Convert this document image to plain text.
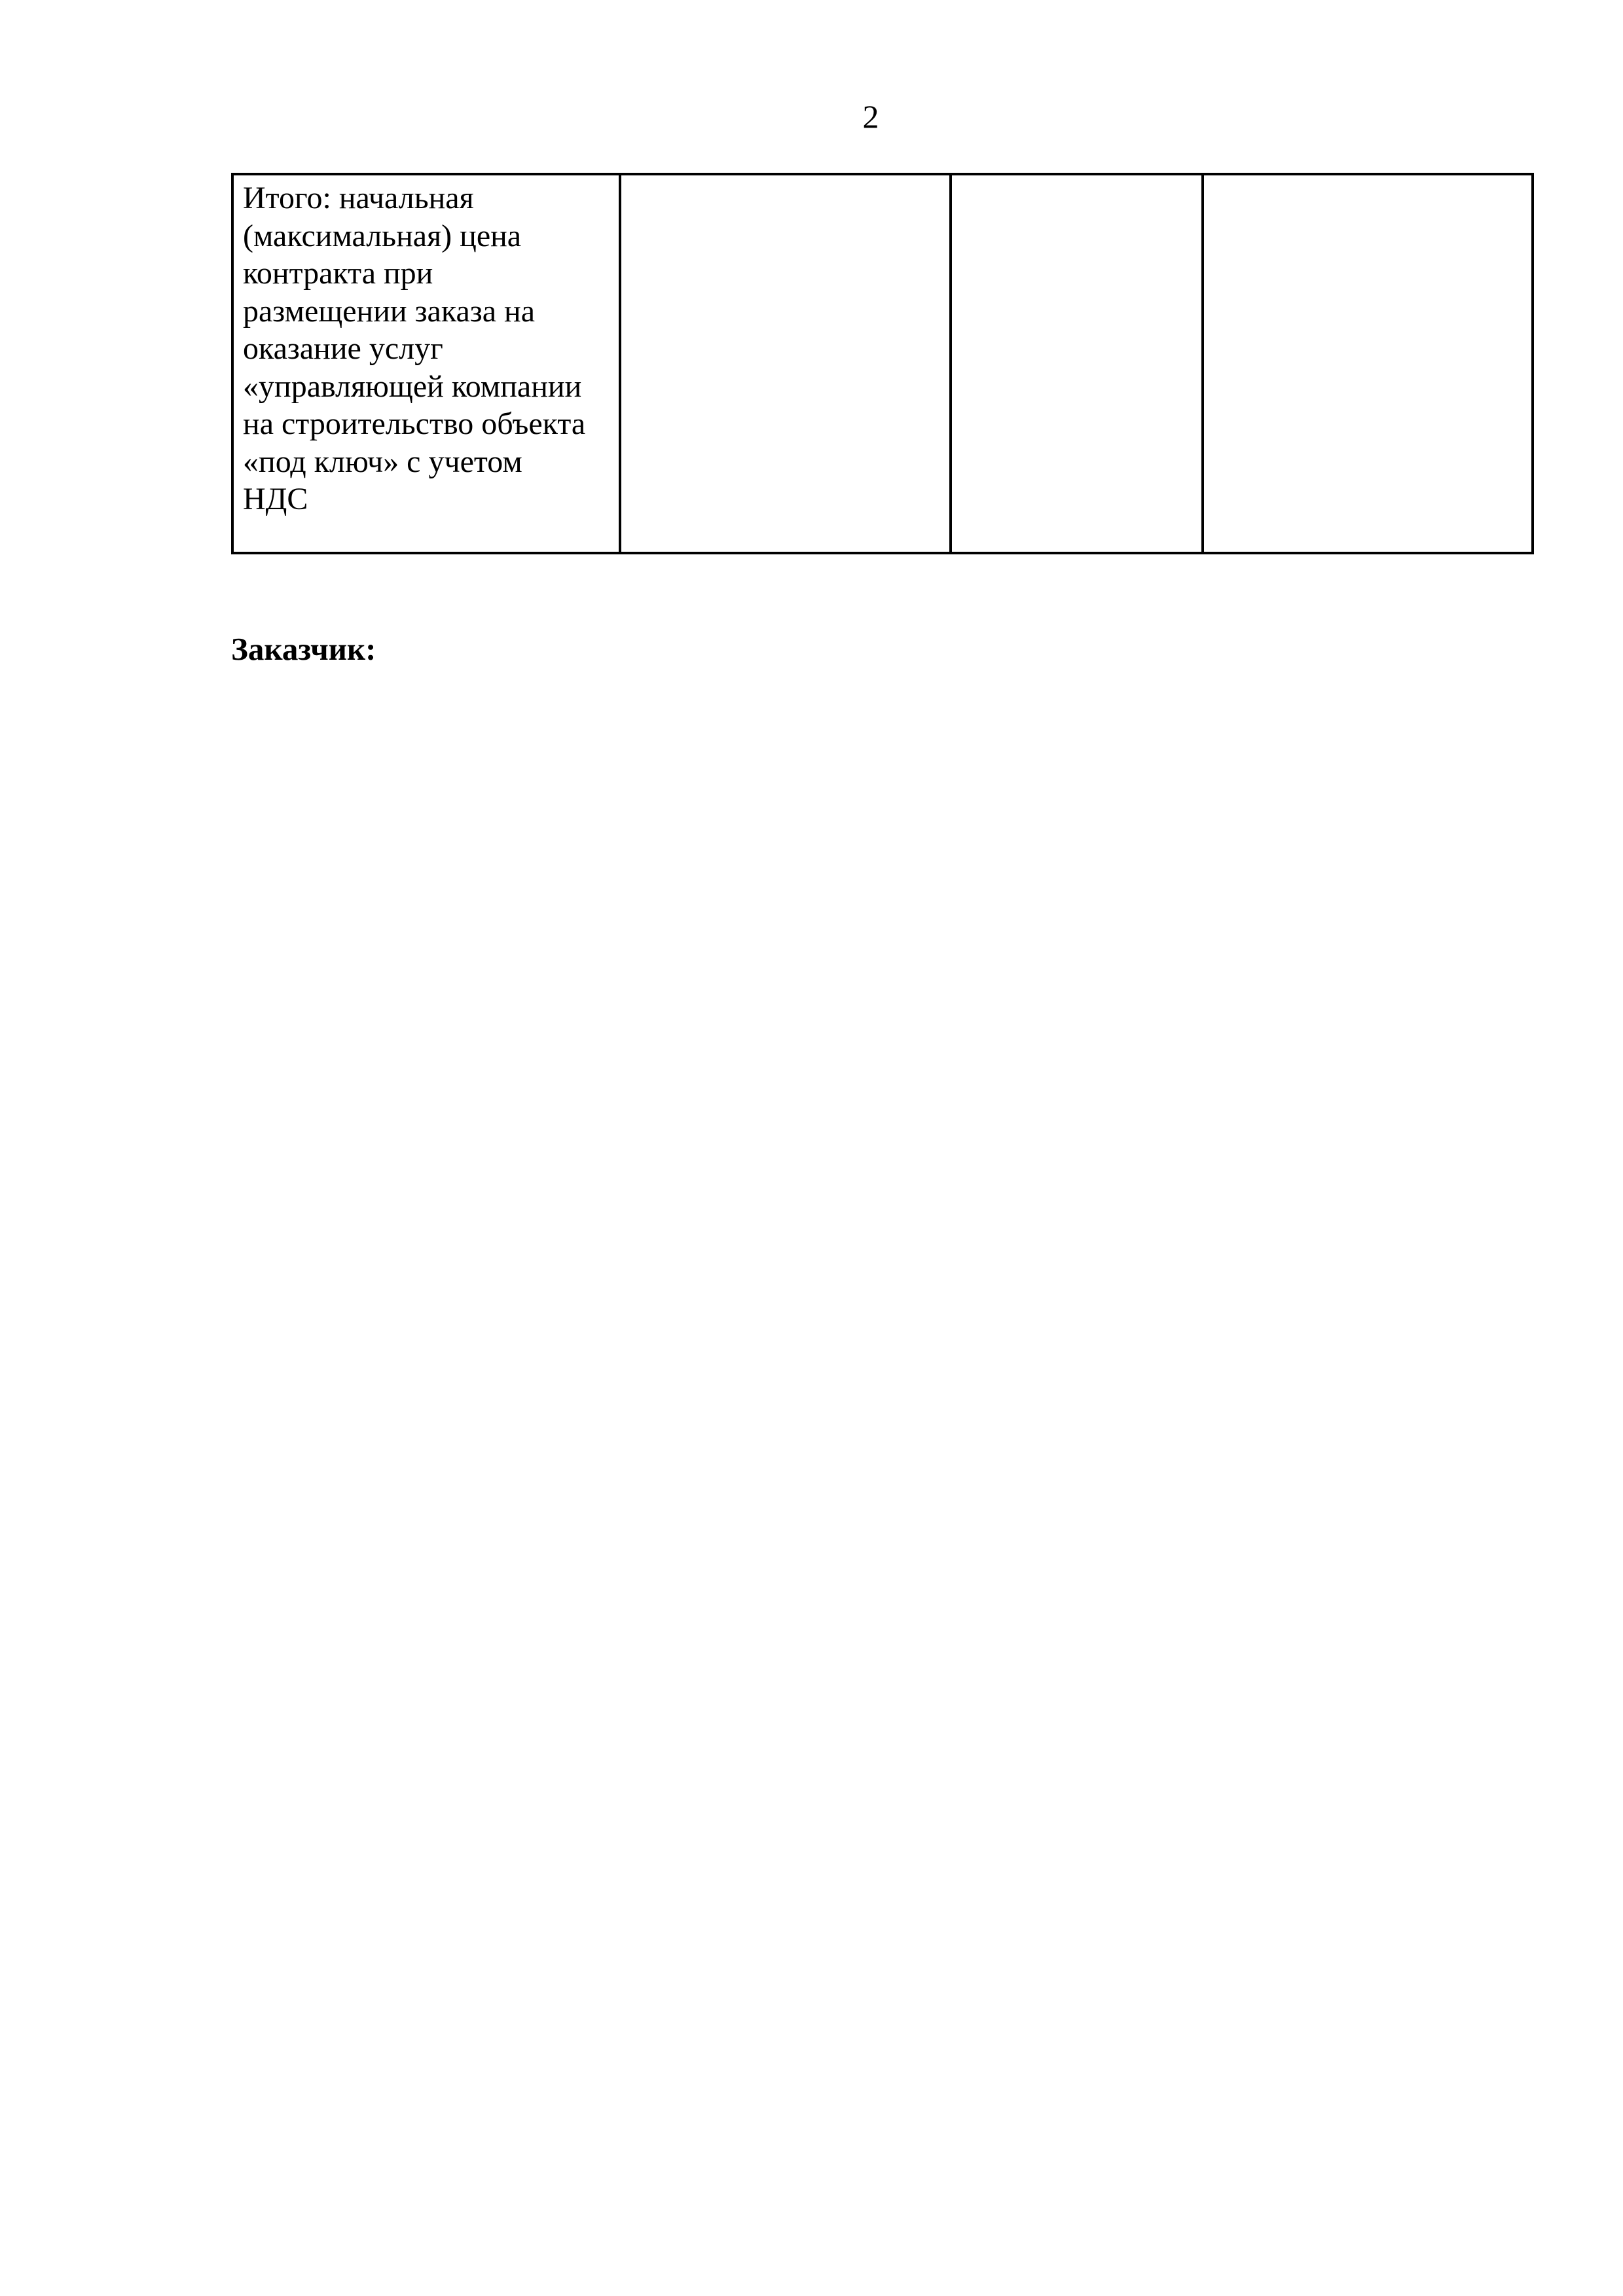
2
Итого: начальная
(максимальная) цена
контракта при
размещении заказа на
оказание услуг
«управляющей компании
на строительство объекта
«под ключ» с учетом
НДС

Заказчик:
